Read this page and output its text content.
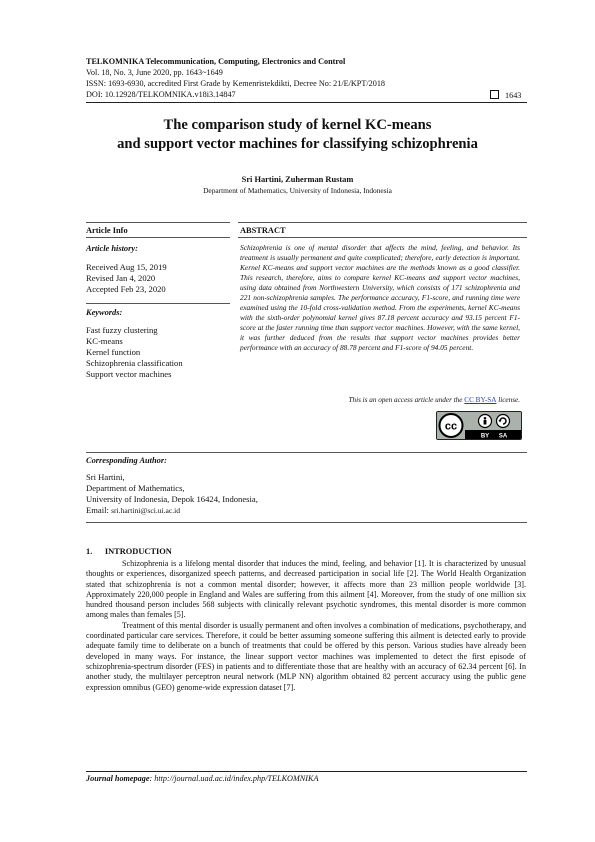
TELKOMNIKA Telecommunication, Computing, Electronics and Control
Vol. 18, No. 3, June 2020, pp. 1643~1649
ISSN: 1693-6930, accredited First Grade by Kemenristekdikti, Decree No: 21/E/KPT/2018
DOI: 10.12928/TELKOMNIKA.v18i3.14847	1643
The comparison study of kernel KC-means
and support vector machines for classifying schizophrenia
Sri Hartini, Zuherman Rustam
Department of Mathematics, University of Indonesia, Indonesia
Article Info	ABSTRACT
Article history:
Received Aug 15, 2019
Revised Jan 4, 2020
Accepted Feb 23, 2020
Keywords:
Fast fuzzy clustering
KC-means
Kernel function
Schizophrenia classification
Support vector machines
Schizophrenia is one of mental disorder that affects the mind, feeling, and behavior. Its treatment is usually permanent and quite complicated; therefore, early detection is important. Kernel KC-means and support vector machines are the methods known as a good classifier. This research, therefore, aims to compare kernel KC-means and support vector machines, using data obtained from Northwestern University, which consists of 171 schizophrenia and 221 non-schizophrenia samples. The performance accuracy, F1-score, and running time were examined using the 10-fold cross-validation method. From the experiments, kernel KC-means with the sixth-order polynomial kernel gives 87.18 percent accuracy and 93.15 percent F1-score at the faster running time than support vector machines. However, with the same kernel, it was further deduced from the results that support vector machines provides better performance with an accuracy of 88.78 percent and F1-score of 94.05 percent.
This is an open access article under the CC BY-SA license.
cc
BY SA
Corresponding Author:
Sri Hartini,
Department of Mathematics,
University of Indonesia, Depok 16424, Indonesia,
Email: sri.hartini@sci.ui.ac.id
1.      INTRODUCTION

Schizophrenia is a lifelong mental disorder that induces the mind, feeling, and behavior [1]. It is characterized by unusual thoughts or experiences, disorganized speech patterns, and decreased participation in social life [2]. The World Health Organization stated that schizophrenia is not a common mental disorder; however, it affects more than 23 million people worldwide [3]. Approximately 220,000 people in England and Wales are suffering from this ailment [4]. Moreover, from the study of one million six hundred thousand person includes 568 subjects with clinically relevant psychotic syndromes, this mental disorder is more common among males than females [5].

Treatment of this mental disorder is usually permanent and often involves a combination of medications, psychotherapy, and coordinated particular care services. Therefore, it could be better assuming someone suffering this ailment is detected early to provide adequate family time to deliberate on a bunch of treatments that could be offered by this person. Various studies have already been developed in many ways. For instance, the linear support vector machines was implemented to detect the first episode of schizophrenia-spectrum disorder (FES) in patients and to differentiate those that are healthy with an accuracy of 62.34 percent [6]. In another study, the multilayer perceptron neural network (MLP NN) algorithm obtained 82 percent accuracy using the public gene expression omnibus (GEO) genome-wide expression dataset [7].

Journal homepage: http://journal.uad.ac.id/index.php/TELKOMNIKA
